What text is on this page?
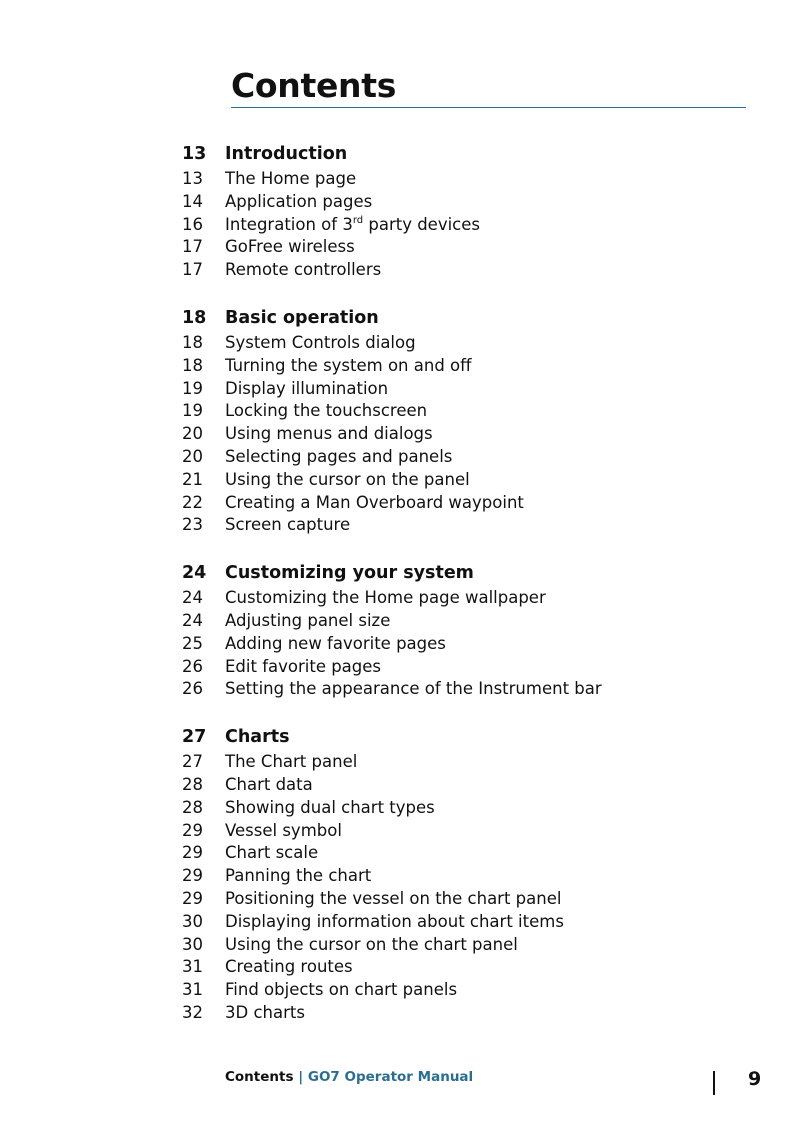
Contents
13	Introduction
13	The Home page
14	Application pages
16	Integration of 3rd party devices
17	GoFree wireless
17	Remote controllers
18	Basic operation
18	System Controls dialog
18	Turning the system on and off
19	Display illumination
19	Locking the touchscreen
20	Using menus and dialogs
20	Selecting pages and panels
21	Using the cursor on the panel
22	Creating a Man Overboard waypoint
23	Screen capture
24	Customizing your system
24	Customizing the Home page wallpaper
24	Adjusting panel size
25	Adding new favorite pages
26	Edit favorite pages
26	Setting the appearance of the Instrument bar
27	Charts
27	The Chart panel
28	Chart data
28	Showing dual chart types
29	Vessel symbol
29	Chart scale
29	Panning the chart
29	Positioning the vessel on the chart panel
30	Displaying information about chart items
30	Using the cursor on the chart panel
31	Creating routes
31	Find objects on chart panels
32	3D charts
Contents | GO7 Operator Manual	9
